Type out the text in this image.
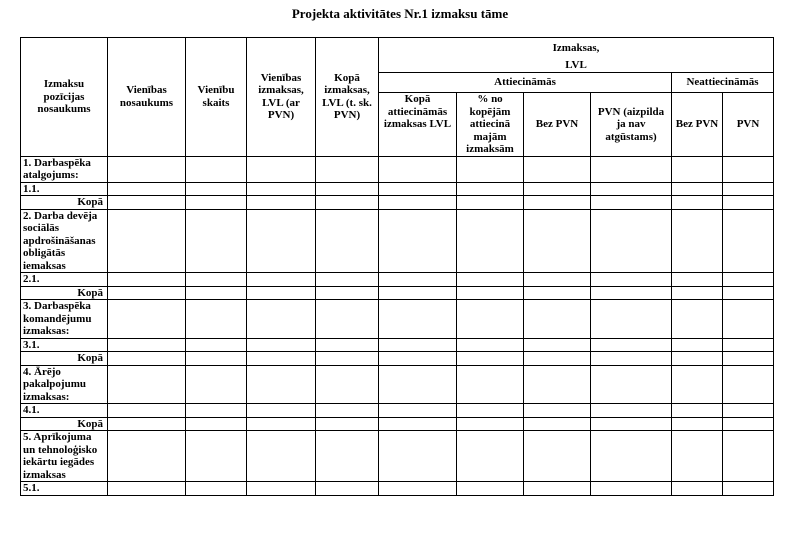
Projekta aktivitātes Nr.1 izmaksu tāme
Izmaksu pozīcijas nosaukums	Vienības nosaukums	Vienību skaits	Vienības izmaksas, LVL (ar PVN)	Kopā izmaksas, LVL (t. sk. PVN)	Izmaksas,					
					LVL					
					Attiecināmās				Neattiecināmās	
					Kopā attiecināmās izmaksas LVL	% no kopējām attiecinā majām izmaksām	Bez PVN	PVN (aizpilda ja nav atgūstams)	Bez PVN	PVN
1. Darbaspēka atalgojums:										
1.1.										
Kopā										
2. Darba devēja sociālās apdrošināšanas obligātās iemaksas										
2.1.										
Kopā										
3. Darbaspēka komandējumu izmaksas:										
3.1.										
Kopā										
4. Ārējo pakalpojumu izmaksas:										
4.1.										
Kopā										
5. Aprīkojuma un tehnoloģisko iekārtu iegādes izmaksas										
5.1.										
